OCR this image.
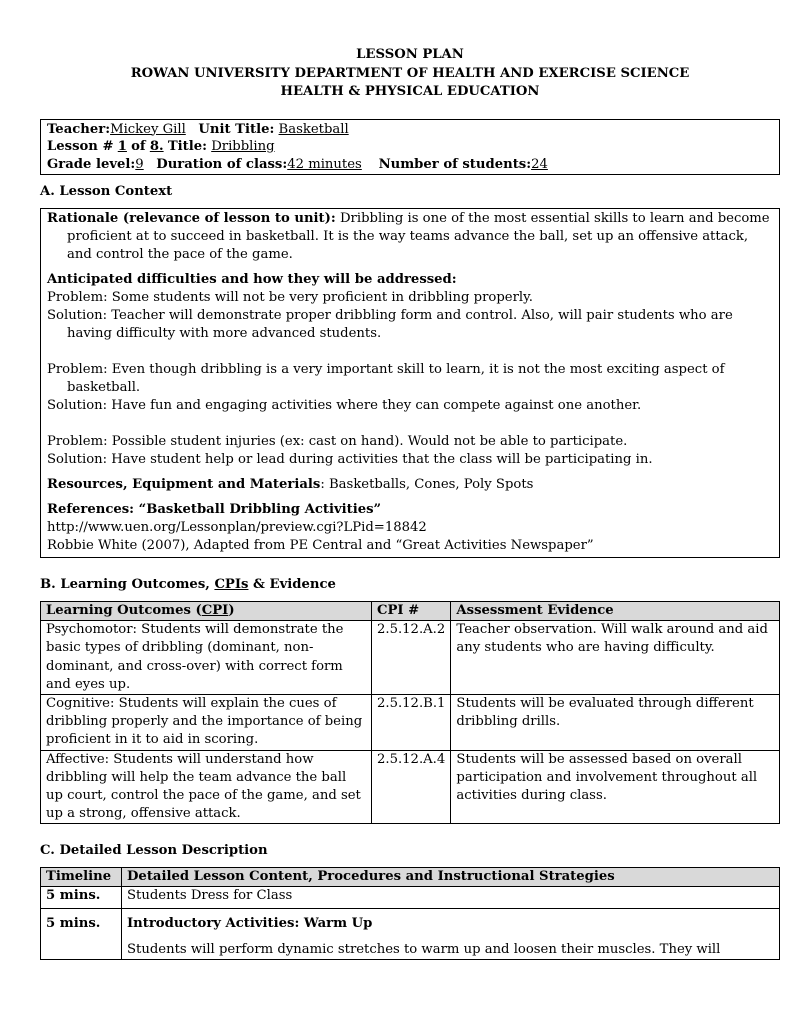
LESSON PLAN
ROWAN UNIVERSITY DEPARTMENT OF HEALTH AND EXERCISE SCIENCE
HEALTH & PHYSICAL EDUCATION
Teacher:Mickey Gill Unit Title: Basketball
Lesson # 1 of 8. Title: Dribbling
Grade level:9 Duration of class:42 minutes Number of students:24
A. Lesson Context
Rationale (relevance of lesson to unit): Dribbling is one of the most essential skills to learn and become proficient at to succeed in basketball. It is the way teams advance the ball, set up an offensive attack, and control the pace of the game.
Anticipated difficulties and how they will be addressed:
Problem: Some students will not be very proficient in dribbling properly.
Solution: Teacher will demonstrate proper dribbling form and control. Also, will pair students who are having difficulty with more advanced students.
Problem: Even though dribbling is a very important skill to learn, it is not the most exciting aspect of basketball.
Solution: Have fun and engaging activities where they can compete against one another.
Problem: Possible student injuries (ex: cast on hand). Would not be able to participate.
Solution: Have student help or lead during activities that the class will be participating in.
Resources, Equipment and Materials: Basketballs, Cones, Poly Spots
References: “Basketball Dribbling Activities”
http://www.uen.org/Lessonplan/preview.cgi?LPid=18842
Robbie White (2007), Adapted from PE Central and “Great Activities Newspaper”
B. Learning Outcomes, CPIs & Evidence
Learning Outcomes (CPI)	CPI #	Assessment Evidence
Psychomotor: Students will demonstrate the basic types of dribbling (dominant, non-dominant, and cross-over) with correct form and eyes up.	2.5.12.A.2	Teacher observation. Will walk around and aid any students who are having difficulty.
Cognitive: Students will explain the cues of dribbling properly and the importance of being proficient in it to aid in scoring.	2.5.12.B.1	Students will be evaluated through different dribbling drills.
Affective: Students will understand how dribbling will help the team advance the ball up court, control the pace of the game, and set up a strong, offensive attack.	2.5.12.A.4	Students will be assessed based on overall participation and involvement throughout all activities during class.
C. Detailed Lesson Description
Timeline	Detailed Lesson Content, Procedures and Instructional Strategies
5 mins.	Students Dress for Class
5 mins.	Introductory Activities: Warm Up
Students will perform dynamic stretches to warm up and loosen their muscles. They will
